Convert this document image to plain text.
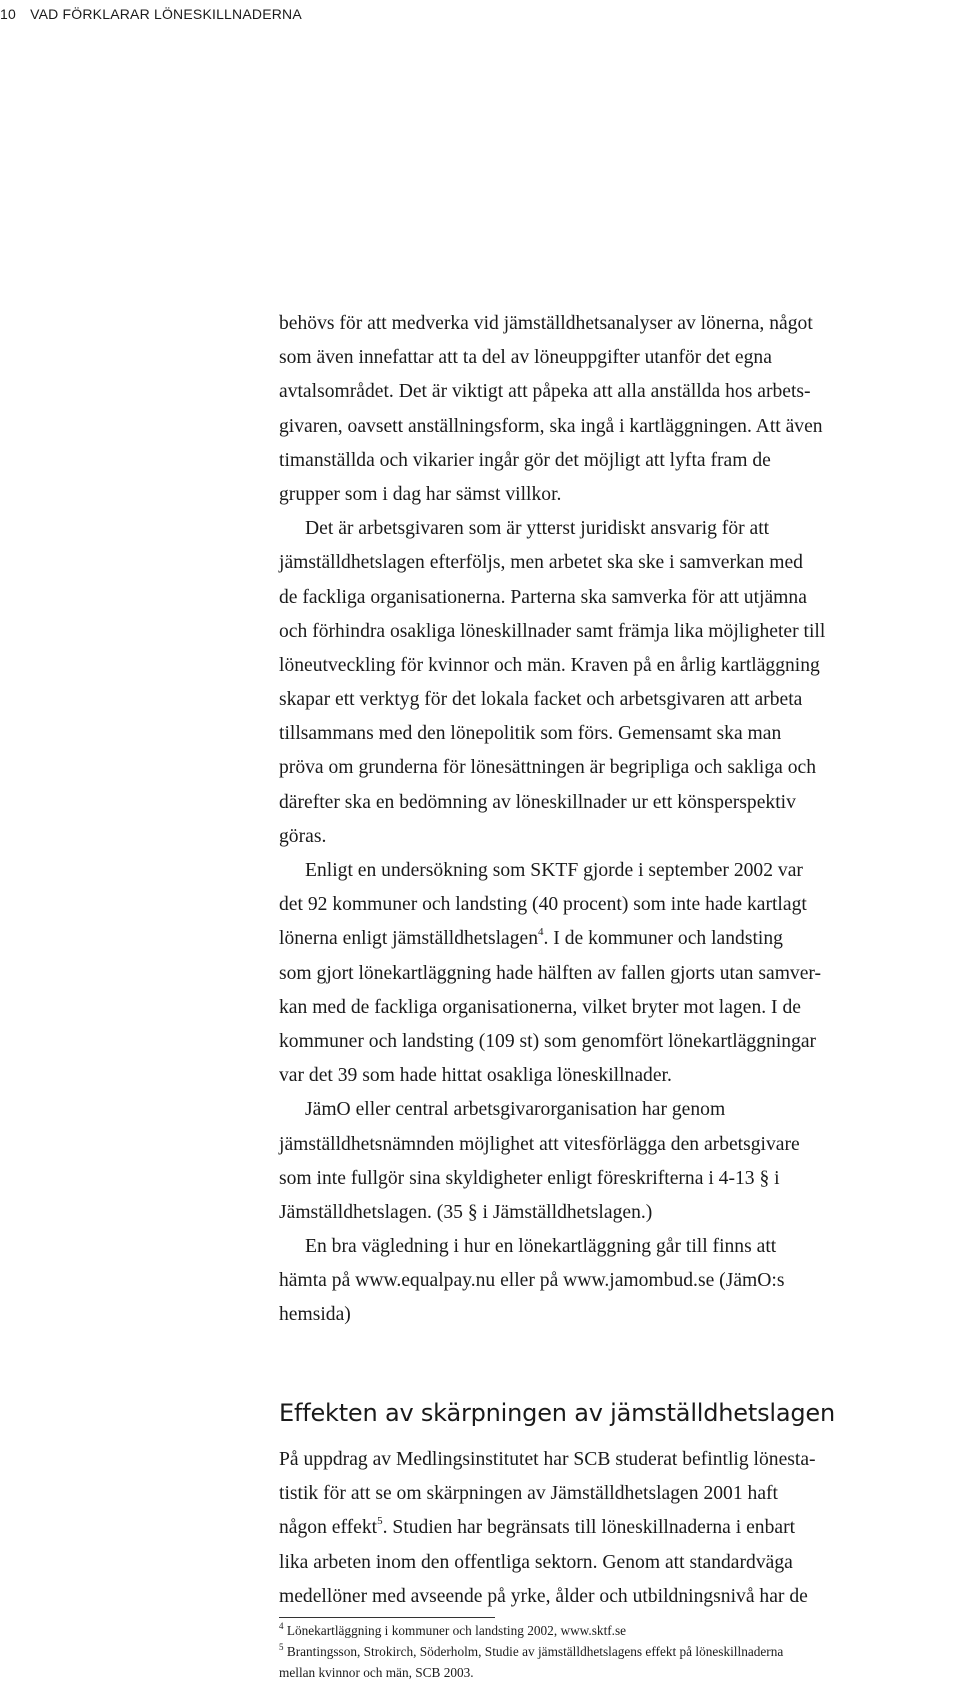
10 VAD FÖRKLARAR LÖNESKILLNADERNA
behövs för att medverka vid jämställdhetsanalyser av lönerna, något
som även innefattar att ta del av löneuppgifter utanför det egna
avtalsområdet. Det är viktigt att påpeka att alla anställda hos arbets-
givaren, oavsett anställningsform, ska ingå i kartläggningen. Att även
timanställda och vikarier ingår gör det möjligt att lyfta fram de
grupper som i dag har sämst villkor.
Det är arbetsgivaren som är ytterst juridiskt ansvarig för att
jämställdhetslagen efterföljs, men arbetet ska ske i samverkan med
de fackliga organisationerna. Parterna ska samverka för att utjämna
och förhindra osakliga löneskillnader samt främja lika möjligheter till
löneutveckling för kvinnor och män. Kraven på en årlig kartläggning
skapar ett verktyg för det lokala facket och arbetsgivaren att arbeta
tillsammans med den lönepolitik som förs. Gemensamt ska man
pröva om grunderna för lönesättningen är begripliga och sakliga och
därefter ska en bedömning av löneskillnader ur ett könsperspektiv
göras.
Enligt en undersökning som SKTF gjorde i september 2002 var
det 92 kommuner och landsting (40 procent) som inte hade kartlagt
lönerna enligt jämställdhetslagen$^4$. I de kommuner och landsting
som gjort lönekartläggning hade hälften av fallen gjorts utan samver-
kan med de fackliga organisationerna, vilket bryter mot lagen. I de
kommuner och landsting (109 st) som genomfört lönekartläggningar
var det 39 som hade hittat osakliga löneskillnader.
JämO eller central arbetsgivarorganisation har genom
jämställdhetsnämnden möjlighet att vitesförlägga den arbetsgivare
som inte fullgör sina skyldigheter enligt föreskrifterna i 4-13 § i
Jämställdhetslagen. (35 § i Jämställdhetslagen.)
En bra vägledning i hur en lönekartläggning går till finns att
hämta på www.equalpay.nu eller på www.jamombud.se (JämO:s
hemsida)
Effekten av skärpningen av jämställdhetslagen
På uppdrag av Medlingsinstitutet har SCB studerat befintlig lönesta-
tistik för att se om skärpningen av Jämställdhetslagen 2001 haft
någon effekt$^5$. Studien har begränsats till löneskillnaderna i enbart
lika arbeten inom den offentliga sektorn. Genom att standardväga
medellöner med avseende på yrke, ålder och utbildningsnivå har de
$^4$ Lönekartläggning i kommuner och landsting 2002, www.sktf.se
$^5$ Brantingsson, Strokirch, Söderholm, Studie av jämställdhetslagens effekt på löneskillnaderna
mellan kvinnor och män, SCB 2003.
